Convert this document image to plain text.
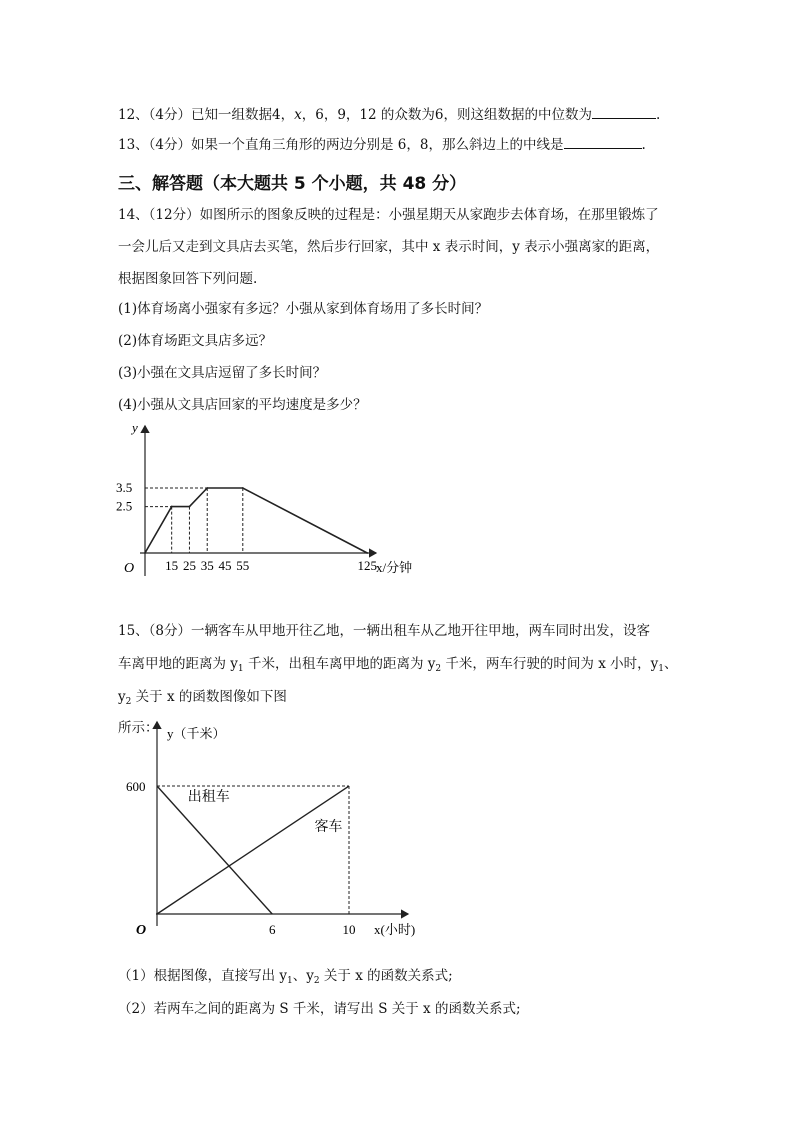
12、（4分）已知一组数据4，x，6，9，12 的众数为6，则这组数据的中位数为	.
13、（4分）如果一个直角三角形的两边分别是 6，8，那么斜边上的中线是	.
三、解答题（本大题共 5 个小题，共 48 分）
14、（12分）如图所示的图象反映的过程是：小强星期天从家跑步去体育场，在那里锻炼了
一会儿后又走到文具店去买笔，然后步行回家，其中 x 表示时间，y 表示小强离家的距离，
根据图象回答下列问题.
(1)体育场离小强家有多远？小强从家到体育场用了多长时间？
(2)体育场距文具店多远？
(3)小强在文具店逗留了多长时间？
(4)小强从文具店回家的平均速度是多少？
2.5
3.5
15 25 35 45 55	125
O	x/分钟
y
15、（8分）一辆客车从甲地开往乙地，一辆出租车从乙地开往甲地，两车同时出发，设客
车离甲地的距离为 $y_1$ 千米，出租车离甲地的距离为 $y_2$ 千米，两车行驶的时间为 x 小时，$y_1$、
$y_2$ 关于 x 的函数图像如下图
所示：
出租车
客车
600
6	10
O	x(小时)
y（千米）
（1）根据图像，直接写出 $y_1$、$y_2$ 关于 x 的函数关系式;
（2）若两车之间的距离为 S 千米，请写出 S 关于 x 的函数关系式;
